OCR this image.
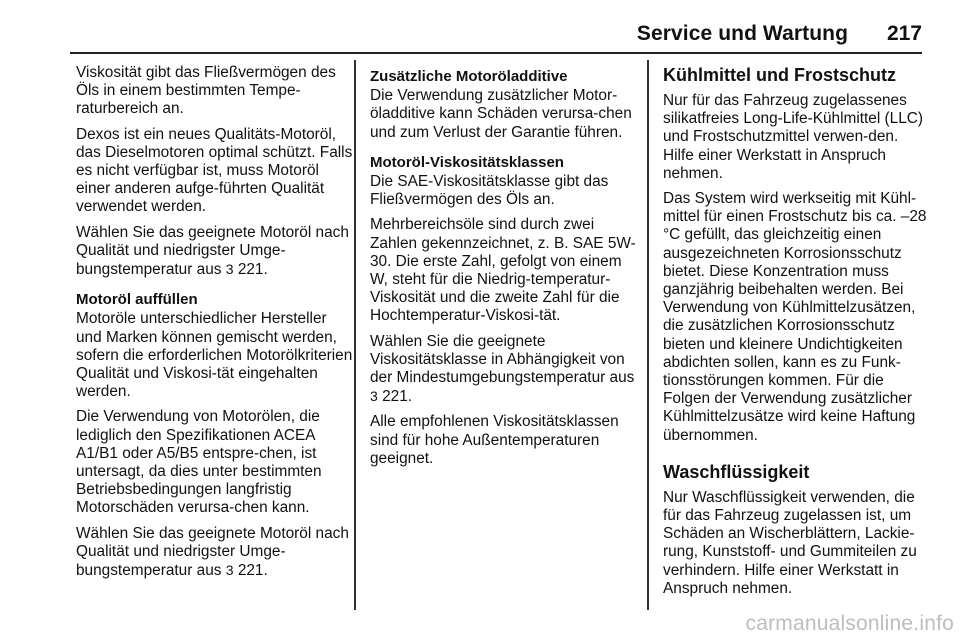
Service und Wartung 217

Viskosität gibt das Fließvermögen des Öls in einem bestimmten Tempe-raturbereich an.

Dexos ist ein neues Qualitäts-Motoröl, das Dieselmotoren optimal schützt. Falls es nicht verfügbar ist, muss Motoröl einer anderen aufge-führten Qualität verwendet werden.

Wählen Sie das geeignete Motoröl nach Qualität und niedrigster Umge-bungstemperatur aus 3 221.

Motoröl auffüllen

Motoröle unterschiedlicher Hersteller und Marken können gemischt werden, sofern die erforderlichen Motorölkriterien Qualität und Viskosi-tät eingehalten werden.

Die Verwendung von Motorölen, die lediglich den Spezifikationen ACEA A1/B1 oder A5/B5 entspre-chen, ist untersagt, da dies unter bestimmten Betriebsbedingungen langfristig Motorschäden verursa-chen kann.

Wählen Sie das geeignete Motoröl nach Qualität und niedrigster Umge-bungstemperatur aus 3 221.

Zusätzliche Motoröladditive

Die Verwendung zusätzlicher Motor-öladditive kann Schäden verursa-chen und zum Verlust der Garantie führen.

Motoröl-Viskositätsklassen

Die SAE-Viskositätsklasse gibt das Fließvermögen des Öls an.

Mehrbereichsöle sind durch zwei Zahlen gekennzeichnet, z. B. SAE 5W-30. Die erste Zahl, gefolgt von einem W, steht für die Niedrig-temperatur-Viskosität und die zweite Zahl für die Hochtemperatur-Viskosi-tät.

Wählen Sie die geeignete Viskositätsklasse in Abhängigkeit von der Mindestumgebungstemperatur aus 3 221.

Alle empfohlenen Viskositätsklassen sind für hohe Außentemperaturen geeignet.

Kühlmittel und Frostschutz

Nur für das Fahrzeug zugelassenes silikatfreies Long-Life-Kühlmittel (LLC) und Frostschutzmittel verwen-den. Hilfe einer Werkstatt in Anspruch nehmen.

Das System wird werkseitig mit Kühl-mittel für einen Frostschutz bis ca. –28 °C gefüllt, das gleichzeitig einen ausgezeichneten Korrosionsschutz bietet. Diese Konzentration muss ganzjährig beibehalten werden. Bei Verwendung von Kühlmittelzusätzen, die zusätzlichen Korrosionsschutz bieten und kleinere Undichtigkeiten abdichten sollen, kann es zu Funk-tionsstörungen kommen. Für die Folgen der Verwendung zusätzlicher Kühlmittelzusätze wird keine Haftung übernommen.

Waschflüssigkeit

Nur Waschflüssigkeit verwenden, die für das Fahrzeug zugelassen ist, um Schäden an Wischerblättern, Lackie-rung, Kunststoff- und Gummiteilen zu verhindern. Hilfe einer Werkstatt in Anspruch nehmen.

carmanualsonline.info
